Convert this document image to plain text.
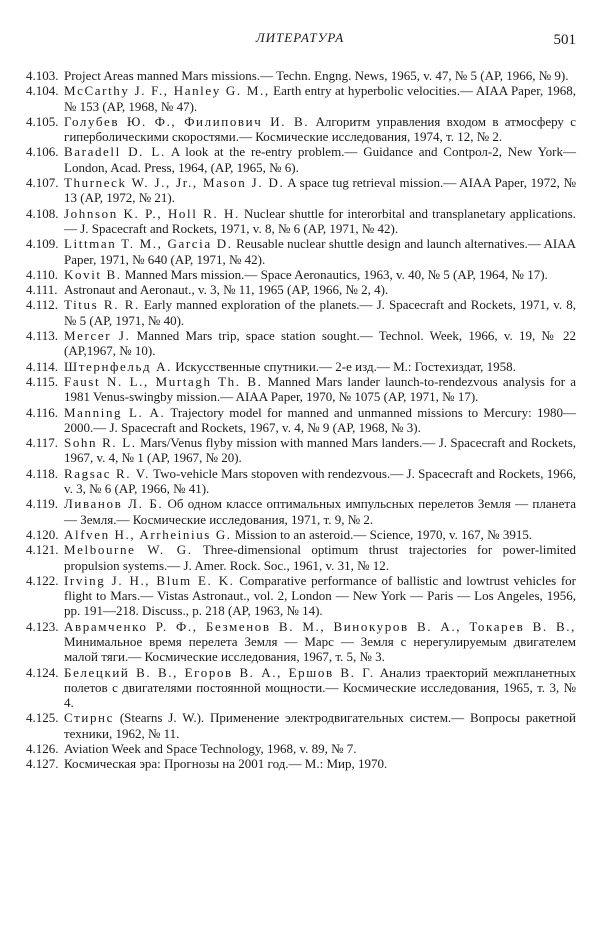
ЛИТЕРАТУРА	501
4.103. Project Areas manned Mars missions.— Techn. Engng. News, 1965, v. 47, № 5 (AP, 1966, № 9).
4.104. McCarthy J. F., Hanley G. M., Earth entry at hyperbolic velocities.— AIAA Paper, 1968, № 153 (AP, 1968, № 47).
4.105. Голубев Ю. Ф., Филипович И. В. Алгоритм управления входом в атмосферу с гиперболическими скоростями.— Космические исследования, 1974, т. 12, № 2.
4.106. Baradell D. L. A look at the re-entry problem.— Guidance and Contpол-2, New York—London, Acad. Press, 1964, (AP, 1965, № 6).
4.107. Thurneck W. J., Jr., Mason J. D. A space tug retrieval mission.— AIAA Paper, 1972, № 13 (AP, 1972, № 21).
4.108. Johnson K. P., Holl R. H. Nuclear shuttle for interorbital and transplanetary applications.— J. Spacecraft and Rockets, 1971, v. 8, № 6 (AP, 1971, № 42).
4.109. Littman T. M., Garcia D. Reusable nuclear shuttle design and launch alternatives.— AIAA Paper, 1971, № 640 (AP, 1971, № 42).
4.110. Kovit B. Manned Mars mission.— Space Aeronautics, 1963, v. 40, № 5 (AP, 1964, № 17).
4.111. Astronaut and Aeronaut., v. 3, № 11, 1965 (AP, 1966, № 2, 4).
4.112. Titus R. R. Early manned exploration of the planets.— J. Spacecraft and Rockets, 1971, v. 8, № 5 (AP, 1971, № 40).
4.113. Mercer J. Manned Mars trip, space station sought.— Technol. Week, 1966, v. 19, № 22 (AP,1967, № 10).
4.114. Штернфельд А. Искусственные спутники.— 2-е изд.— М.: Гостехиздат, 1958.
4.115. Faust N. L., Murtagh Th. B. Manned Mars lander launch-to-rendezvous analysis for a 1981 Venus-swingby mission.— AIAA Paper, 1970, № 1075 (AP, 1971, № 17).
4.116. Manning L. A. Trajectory model for manned and unmanned missions to Mercury: 1980—2000.— J. Spacecraft and Rockets, 1967, v. 4, № 9 (AP, 1968, № 3).
4.117. Sohn R. L. Mars/Venus flyby mission with manned Mars landers.— J. Spacecraft and Rockets, 1967, v. 4, № 1 (AP, 1967, № 20).
4.118. Ragsac R. V. Two-vehicle Mars stopoven with rendezvous.— J. Spacecraft and Rockets, 1966, v. 3, № 6 (AP, 1966, № 41).
4.119. Ливанов Л. Б. Об одном классе оптимальных импульсных перелетов Земля — планета — Земля.— Космические исследования, 1971, т. 9, № 2.
4.120. Alfven H., Arrheinius G. Mission to an asteroid.— Science, 1970, v. 167, № 3915.
4.121. Melbourne W. G. Three-dimensional optimum thrust trajectories for power-limited propulsion systems.— J. Amer. Rock. Soc., 1961, v. 31, № 12.
4.122. Irving J. H., Blum E. K. Comparative performance of ballistic and lowtrust vehicles for flight to Mars.— Vistas Astronaut., vol. 2, London — New York — Paris — Los Angeles, 1956, pp. 191—218. Discuss., p. 218 (AP, 1963, № 14).
4.123. Аврамченко Р. Ф., Безменов В. М., Винокуров В. А., Токарев В. В., Минимальное время перелета Земля — Марс — Земля с нерегулируемым двигателем малой тяги.— Космические исследования, 1967, т. 5, № 3.
4.124. Белецкий В. В., Егоров В. А., Ершов В. Г. Анализ траекторий межпланетных полетов с двигателями постоянной мощности.— Космические исследования, 1965, т. 3, № 4.
4.125. Стирнс (Stearns J. W.). Применение электродвигательных систем.— Вопросы ракетной техники, 1962, № 11.
4.126. Aviation Week and Space Technology, 1968, v. 89, № 7.
4.127. Космическая эра: Прогнозы на 2001 год.— М.: Мир, 1970.
